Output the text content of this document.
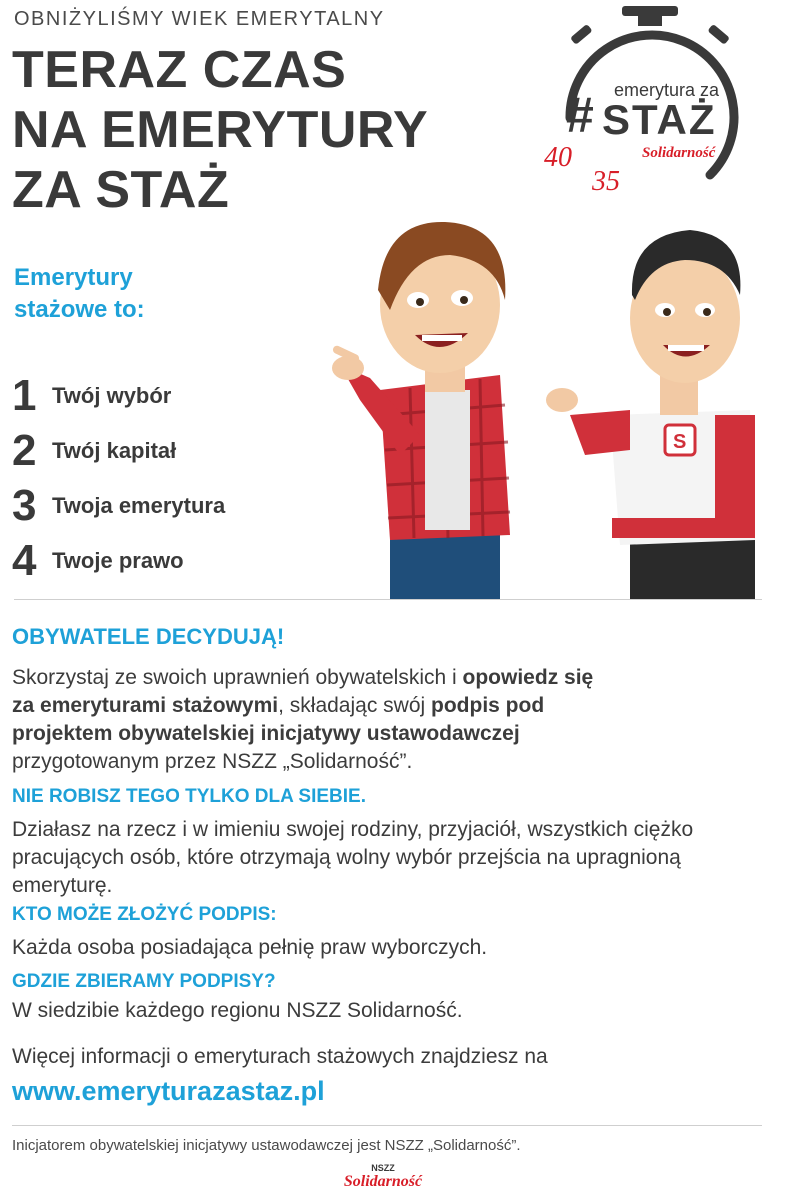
OBNIŻYLIŚMY WIEK EMERYTALNY
TERAZ CZAS
NA EMERYTURY
ZA STAŻ
emerytura za
# STAŻ
40
35
Solidarność
Emerytury
stażowe to:
1 Twój wybór
2 Twój kapitał
3 Twoja emerytura
4 Twoje prawo
S
OBYWATELE DECYDUJĄ!
Skorzystaj ze swoich uprawnień obywatelskich i opowiedz się
za emeryturami stażowymi, składając swój podpis pod
projektem obywatelskiej inicjatywy ustawodawczej
przygotowanym przez NSZZ „Solidarność”.
NIE ROBISZ TEGO TYLKO DLA SIEBIE.
Działasz na rzecz i w imieniu swojej rodziny, przyjaciół, wszystkich ciężko pracujących osób, które otrzymają wolny wybór przejścia na upragnioną emeryturę.
KTO MOŻE ZŁOŻYĆ PODPIS:
Każda osoba posiadająca pełnię praw wyborczych.
GDZIE ZBIERAMY PODPISY?
W siedzibie każdego regionu NSZZ Solidarność.
Więcej informacji o emeryturach stażowych znajdziesz na
www.emeryturazastaz.pl
Inicjatorem obywatelskiej inicjatywy ustawodawczej jest NSZZ „Solidarność”.
NSZZ
Solidarność
